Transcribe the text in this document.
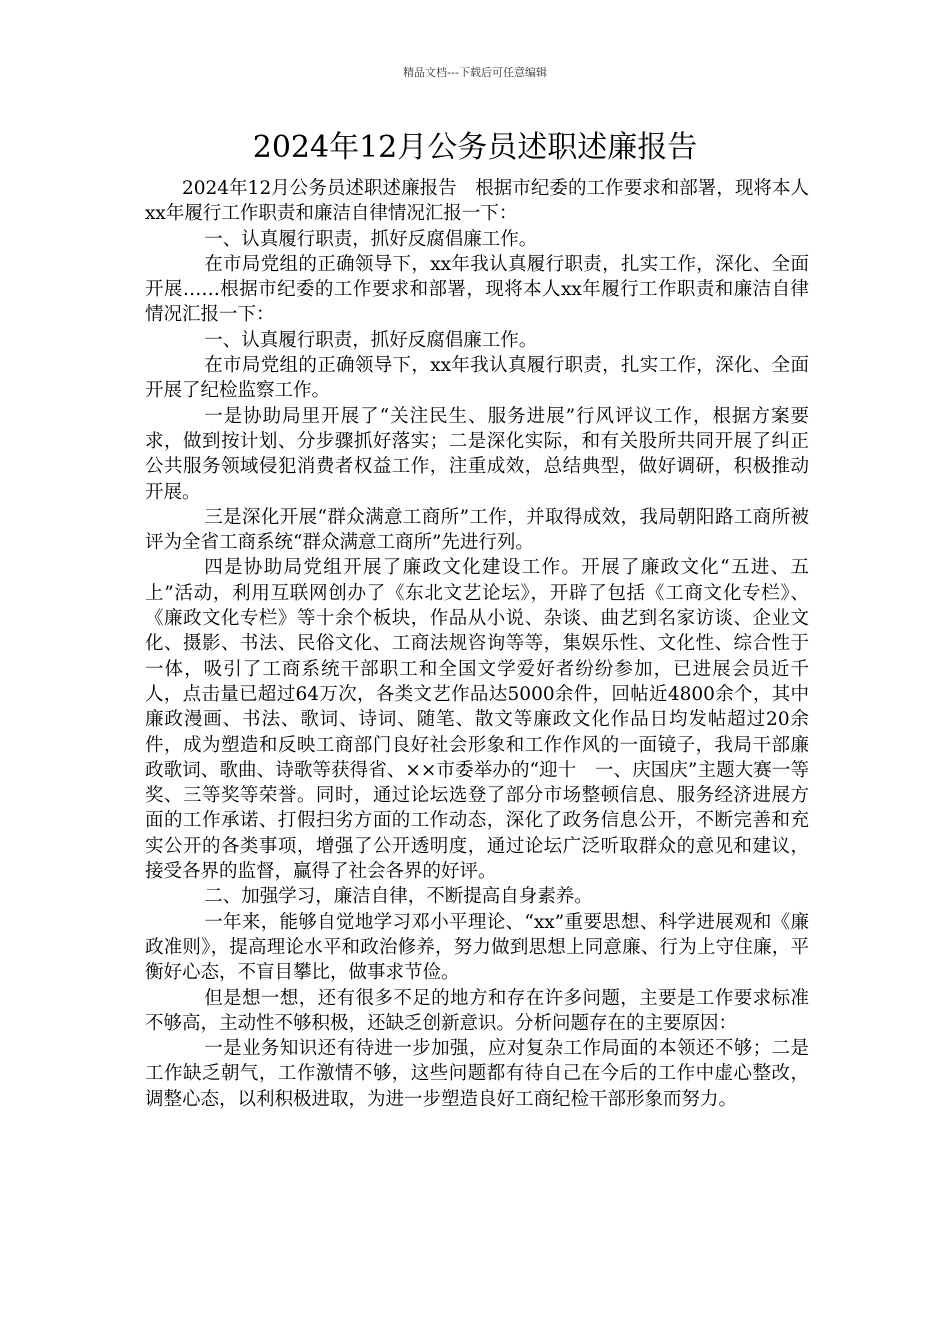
精品文档---下载后可任意编辑
2024年12月公务员述职述廉报告

2024年12月公务员述职述廉报告　根据市纪委的工作要求和部署，现将本人xx年履行工作职责和廉洁自律情况汇报一下：

一、认真履行职责，抓好反腐倡廉工作。

在市局党组的正确领导下，xx年我认真履行职责，扎实工作，深化、全面开展……根据市纪委的工作要求和部署，现将本人xx年履行工作职责和廉洁自律情况汇报一下：

一、认真履行职责，抓好反腐倡廉工作。

在市局党组的正确领导下，xx年我认真履行职责，扎实工作，深化、全面开展了纪检监察工作。

一是协助局里开展了“关注民生、服务进展”行风评议工作，根据方案要求，做到按计划、分步骤抓好落实；二是深化实际，和有关股所共同开展了纠正公共服务领域侵犯消费者权益工作，注重成效，总结典型，做好调研，积极推动开展。

三是深化开展“群众满意工商所”工作，并取得成效，我局朝阳路工商所被评为全省工商系统“群众满意工商所”先进行列。

四是协助局党组开展了廉政文化建设工作。开展了廉政文化“五进、五上”活动，利用互联网创办了《东北文艺论坛》，开辟了包括《工商文化专栏》、《廉政文化专栏》等十余个板块，作品从小说、杂谈、曲艺到名家访谈、企业文化、摄影、书法、民俗文化、工商法规咨询等等，集娱乐性、文化性、综合性于一体，吸引了工商系统干部职工和全国文学爱好者纷纷参加，已进展会员近千人，点击量已超过64万次，各类文艺作品达5000余件，回帖近4800余个，其中廉政漫画、书法、歌词、诗词、随笔、散文等廉政文化作品日均发帖超过20余件，成为塑造和反映工商部门良好社会形象和工作作风的一面镜子，我局干部廉政歌词、歌曲、诗歌等获得省、××市委举办的“迎十　一、庆国庆”主题大赛一等奖、三等奖等荣誉。同时，通过论坛选登了部分市场整顿信息、服务经济进展方面的工作承诺、打假扫劣方面的工作动态，深化了政务信息公开，不断完善和充实公开的各类事项，增强了公开透明度，通过论坛广泛听取群众的意见和建议，接受各界的监督，赢得了社会各界的好评。

二、加强学习，廉洁自律，不断提高自身素养。

一年来，能够自觉地学习邓小平理论、“xx”重要思想、科学进展观和《廉政准则》，提高理论水平和政治修养，努力做到思想上同意廉、行为上守住廉，平衡好心态，不盲目攀比，做事求节俭。

但是想一想，还有很多不足的地方和存在许多问题，主要是工作要求标准不够高，主动性不够积极，还缺乏创新意识。分析问题存在的主要原因：

一是业务知识还有待进一步加强，应对复杂工作局面的本领还不够；二是工作缺乏朝气，工作激情不够，这些问题都有待自己在今后的工作中虚心整改，调整心态，以利积极进取，为进一步塑造良好工商纪检干部形象而努力。
